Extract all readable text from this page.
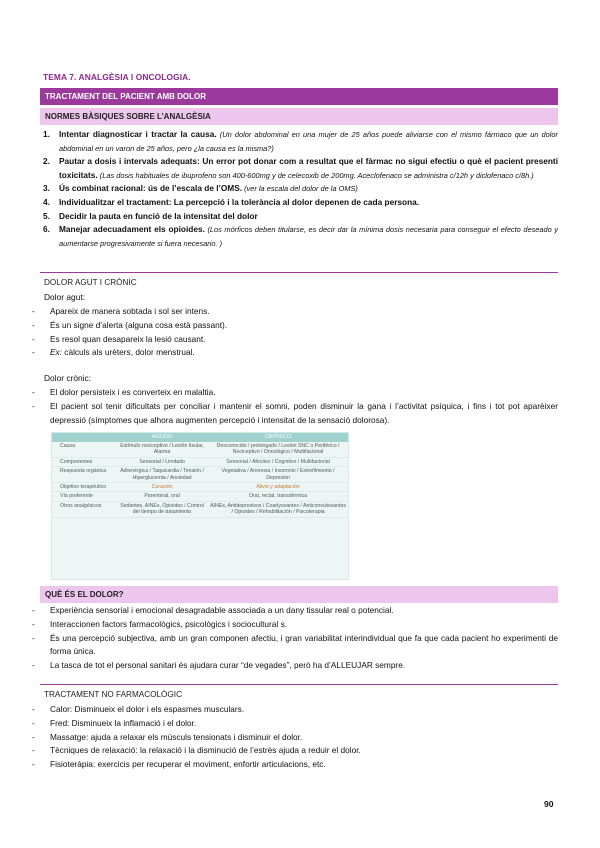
TEMA 7. ANALGÈSIA I ONCOLOGIA.
TRACTAMENT DEL PACIENT AMB DOLOR
NORMES BÀSIQUES SOBRE L’ANALGÈSIA
1. Intentar diagnosticar i tractar la causa. (Un dolor abdominal en una mujer de 25 años puede aliviarse con el mismo fármaco que un dolor abdominal en un varon de 25 años, pero ¿la causa es la misma?)
2. Pautar a dosis i intervals adequats: Un error pot donar com a resultat que el fàrmac no sigui efectiu o què el pacient presenti toxicitats. (Las dosis habituales de ibuprofeno son 400-600mg y de celecoxib de 200mg. Aceclofenaco se administra c/12h y diclofenaco c/8h.)
3. Ús combinat racional: ús de l’escala de l’OMS. (ver la escala del dolor de la OMS)
4. Individualitzar el tractament: La percepció i la tolerància al dolor depenen de cada persona.
5. Decidir la pauta en funció de la intensitat del dolor
6. Manejar adecuadament els opioides. (Los mòrficos deben titularse, es decir dar la mínima dosis necesaria para conseguir el efecto deseado y aumentarse progresivamente si fuera necesario. )
DOLOR AGUT I CRÒNIC
Dolor agut:
- Apareix de manera sobtada i sol ser intens.
- És un signe d’alerta (alguna cosa està passant).
- Es resol quan desapareix la lesió causant.
- Ex: càlculs als urèters, dolor menstrual.
Dolor crònic:
- El dolor persisteix i es converteix en malaltia.
- El pacient sol tenir dificultats per conciliar i mantenir el somni, poden disminuir la gana i l’activitat psíquica, i fins i tot pot aparèixer depressió (símptomes que alhora augmenten percepció i intensitat de la sensació dolorosa).
	AGUDO	CRÓNICO
Causa	Estímulo nociceptivo / Lesión tisular, Alarma	Desconocido / prolongado / Lesión SNC o Periférico / Nociceptivo / Oncológico / Multifactorial
Componentes	Sensorial / Limitado	Sensorial / Afectivo / Cognitivo / Multifactorial
Respuesta orgánica	Adrenérgica / Taquicardia / Tensión / Hiperglucemia / Ansiedad	Vegetativa / Anorexia / Insomnio / Estreñimiento / Depresión
Objetivo terapéutico	Curación	Alivio y adaptación
Vía preferente	Parenteral, oral	Oral, rectal, transdérmica
Otros analgésicos	Sedantes, AINEs, Opioides / Control del tiempo de tratamiento	AINEs, Antidepresivos / Coadyuvantes / Anticonvulsivantes / Opioides / Rehabilitación / Psicoterapia
QUÈ ÉS EL DOLOR?
- Experiència sensorial i emocional desagradable associada a un dany tissular real o potencial.
- Interaccionen factors farmacològics, psicològics i sociocultural s.
- És una percepció subjectiva, amb un gran componen afectiu, i gran variabilitat interindividual que fa que cada pacient ho experimenti de forma única.
- La tasca de tot el personal sanitari és ajudara curar “de vegades”, però ha d’ALLEUJAR sempre.
TRACTAMENT NO FARMACOLÒGIC
- Calor: Disminueix el dolor i els espasmes musculars.
- Fred: Disminueix la inflamació i el dolor.
- Massatge: ajuda a relaxar els músculs tensionats i disminuir el dolor.
- Tècniques de relaxació: la relaxació i la disminució de l’estrès ajuda a reduir el dolor.
- Fisioteràpia: exercicis per recuperar el moviment, enfortir articulacions, etc.
90
